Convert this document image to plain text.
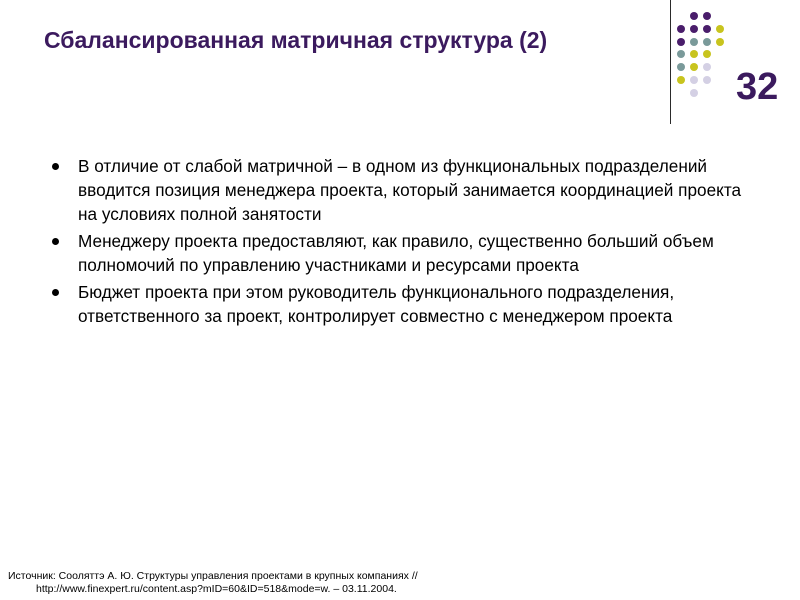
Сбалансированная матричная структура (2)
32
В отличие от слабой матричной – в одном из функциональных подразделений вводится позиция менеджера проекта, который занимается координацией проекта на условиях полной занятости
Менеджеру проекта предоставляют, как правило, существенно больший объем полномочий по управлению участниками и ресурсами проекта
Бюджет проекта при этом руководитель функционального подразделения, ответственного за проект, контролирует совместно с менеджером проекта
Источник: Сооляттэ А. Ю. Структуры управления проектами в крупных компаниях //
http://www.finexpert.ru/content.asp?mID=60&ID=518&mode=w. – 03.11.2004.
